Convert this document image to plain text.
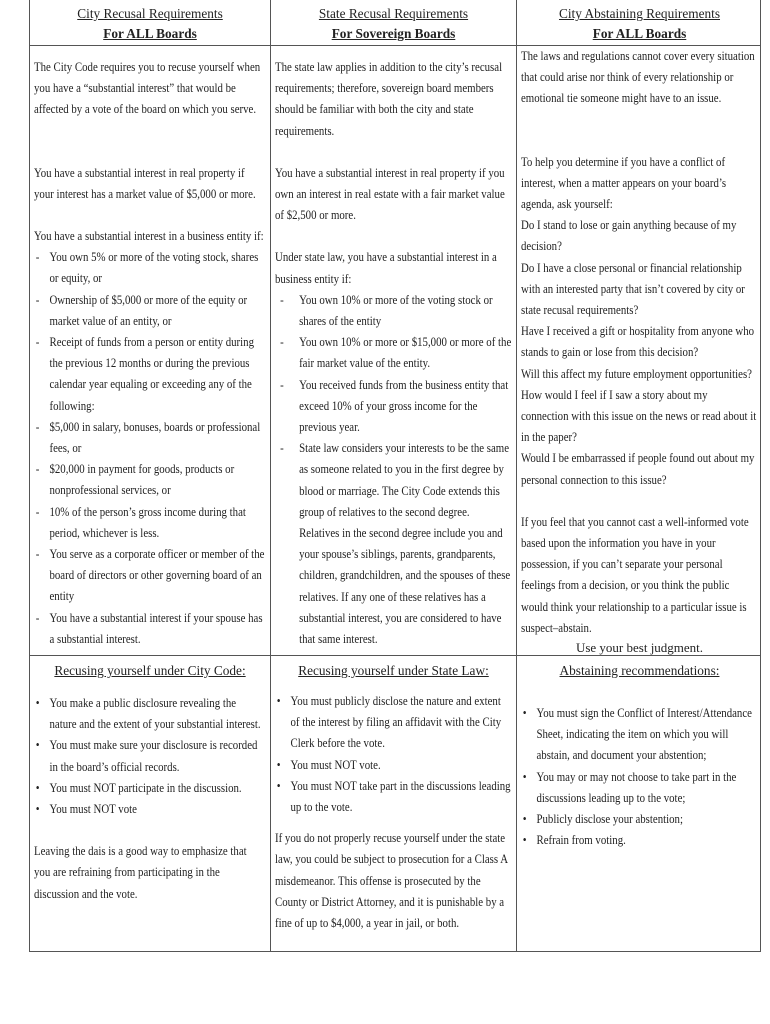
City Recusal Requirements
For ALL Boards
State Recusal Requirements
For Sovereign Boards
City Abstaining Requirements
For ALL Boards

The City Code requires you to recuse yourself when you have a “substantial interest” that would be affected by a vote of the board on which you serve.

You have a substantial interest in real property if your interest has a market value of $5,000 or more.

You have a substantial interest in a business entity if:

- You own 5% or more of the voting stock, shares or equity, or
- Ownership of $5,000 or more of the equity or market value of an entity, or
- Receipt of funds from a person or entity during the previous 12 months or during the previous calendar year equaling or exceeding any of the following:
- $5,000 in salary, bonuses, boards or professional fees, or
- $20,000 in payment for goods, products or nonprofessional services, or
- 10% of the person’s gross income during that period, whichever is less.
- You serve as a corporate officer or member of the board of directors or other governing board of an entity
- You have a substantial interest if your spouse has a substantial interest.

The state law applies in addition to the city’s recusal requirements; therefore, sovereign board members should be familiar with both the city and state requirements.

You have a substantial interest in real property if you own an interest in real estate with a fair market value of $2,500 or more.

Under state law, you have a substantial interest in a business entity if:

- You own 10% or more of the voting stock or shares of the entity
- You own 10% or more or $15,000 or more of the fair market value of the entity.
- You received funds from the business entity that exceed 10% of your gross income for the previous year.
- State law considers your interests to be the same as someone related to you in the first degree by blood or marriage. The City Code extends this group of relatives to the second degree. Relatives in the second degree include you and your spouse’s siblings, parents, grandparents, children, grandchildren, and the spouses of these relatives. If any one of these relatives has a substantial interest, you are considered to have that same interest.

The laws and regulations cannot cover every situation that could arise nor think of every relationship or emotional tie someone might have to an issue.

To help you determine if you have a conflict of interest, when a matter appears on your board’s agenda, ask yourself:

Do I stand to lose or gain anything because of my decision?

Do I have a close personal or financial relationship with an interested party that isn’t covered by city or state recusal requirements?

Have I received a gift or hospitality from anyone who stands to gain or lose from this decision?

Will this affect my future employment opportunities?

How would I feel if I saw a story about my connection with this issue on the news or read about it in the paper?

Would I be embarrassed if people found out about my personal connection to this issue?

If you feel that you cannot cast a well-informed vote based upon the information you have in your possession, if you can’t separate your personal feelings from a decision, or you think the public would think your relationship to a particular issue is suspect–abstain.

Use your best judgment.
Recusing yourself under City Code:
• You make a public disclosure revealing the nature and the extent of your substantial interest.
• You must make sure your disclosure is recorded in the board’s official records.
• You must NOT participate in the discussion.
• You must NOT vote

Leaving the dais is a good way to emphasize that you are refraining from participating in the discussion and the vote.

Recusing yourself under State Law:
• You must publicly disclose the nature and extent of the interest by filing an affidavit with the City Clerk before the vote.
• You must NOT vote.
• You must NOT take part in the discussions leading up to the vote.

If you do not properly recuse yourself under the state law, you could be subject to prosecution for a Class A misdemeanor. This offense is prosecuted by the County or District Attorney, and it is punishable by a fine of up to $4,000, a year in jail, or both.

Abstaining recommendations:
• You must sign the Conflict of Interest/Attendance Sheet, indicating the item on which you will abstain, and document your abstention;
• You may or may not choose to take part in the discussions leading up to the vote;
• Publicly disclose your abstention;
• Refrain from voting.
